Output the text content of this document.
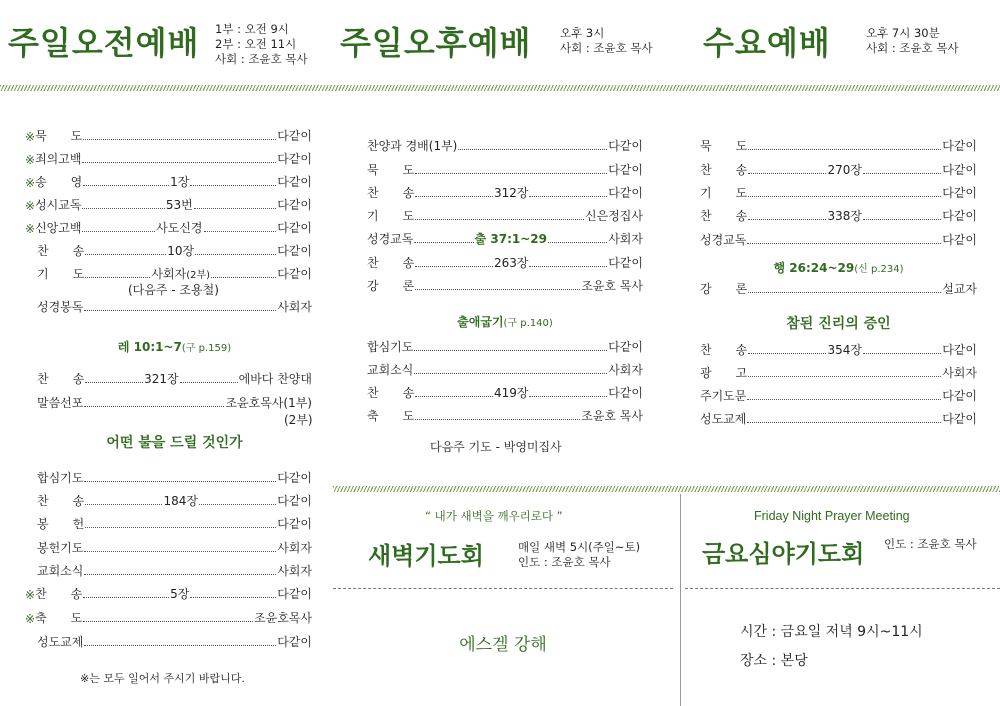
주일오전예배 1부 : 오전 9시
2부 : 오전 11시
사회 : 조윤호 목사 주일오후예배 오후 3시
사회 : 조윤호 목사 수요예배	오후 7시 30분
사회 : 조윤호 목사
※ 묵　　도	다같이
※ 죄의고백	다같이
※ 송　　영	1장	다같이
※ 성시교독	53번	다같이
※ 신앙고백	사도신경	다같이
찬　　송	10장	다같이
기　　도	사회자(2부)	다같이
(다음주 - 조용철)
성경봉독	사회자
레 10:1~7(구 p.159)
찬　　송	321장	에바다 찬양대
말씀선포	조윤호목사(1부)
(2부)
어떤 불을 드릴 것인가
합심기도	다같이
찬　　송	184장	다같이
봉　　헌	다같이
봉헌기도	사회자
교회소식	사회자
※ 찬　　송	5장	다같이
※ 축　　도	조윤호목사
성도교제	다같이
※는 모두 일어서 주시기 바랍니다.
찬양과 경배(1부)	다같이
묵　　도	다같이
찬　　송	312장	다같이
기　　도	신은정집사
성경교독	출 37:1~29	사회자
찬　　송	263장	다같이
강　　론	조윤호 목사
출애굽기(구 p.140)
합심기도	다같이
교회소식	사회자
찬　　송	419장	다같이
축　　도	조윤호 목사
다음주 기도 - 박영미집사
묵　　도	다같이
찬　　송	270장	다같이
기　　도	다같이
찬　　송	338장	다같이
성경교독	다같이
행 26:24~29(신 p.234)
강　　론	설교자
참된 진리의 증인
찬　　송	354장	다같이
광　　고	사회자
주기도문	다같이
성도교제	다같이
“ 내가 새벽을 깨우리로다 ”
새벽기도회	매일 새벽 5시(주일~토)
인도 : 조윤호 목사
에스겔 강해
Friday Night Prayer Meeting
금요심야기도회 인도 : 조윤호 목사
시간 : 금요일 저녁 9시~11시
장소 : 본당
